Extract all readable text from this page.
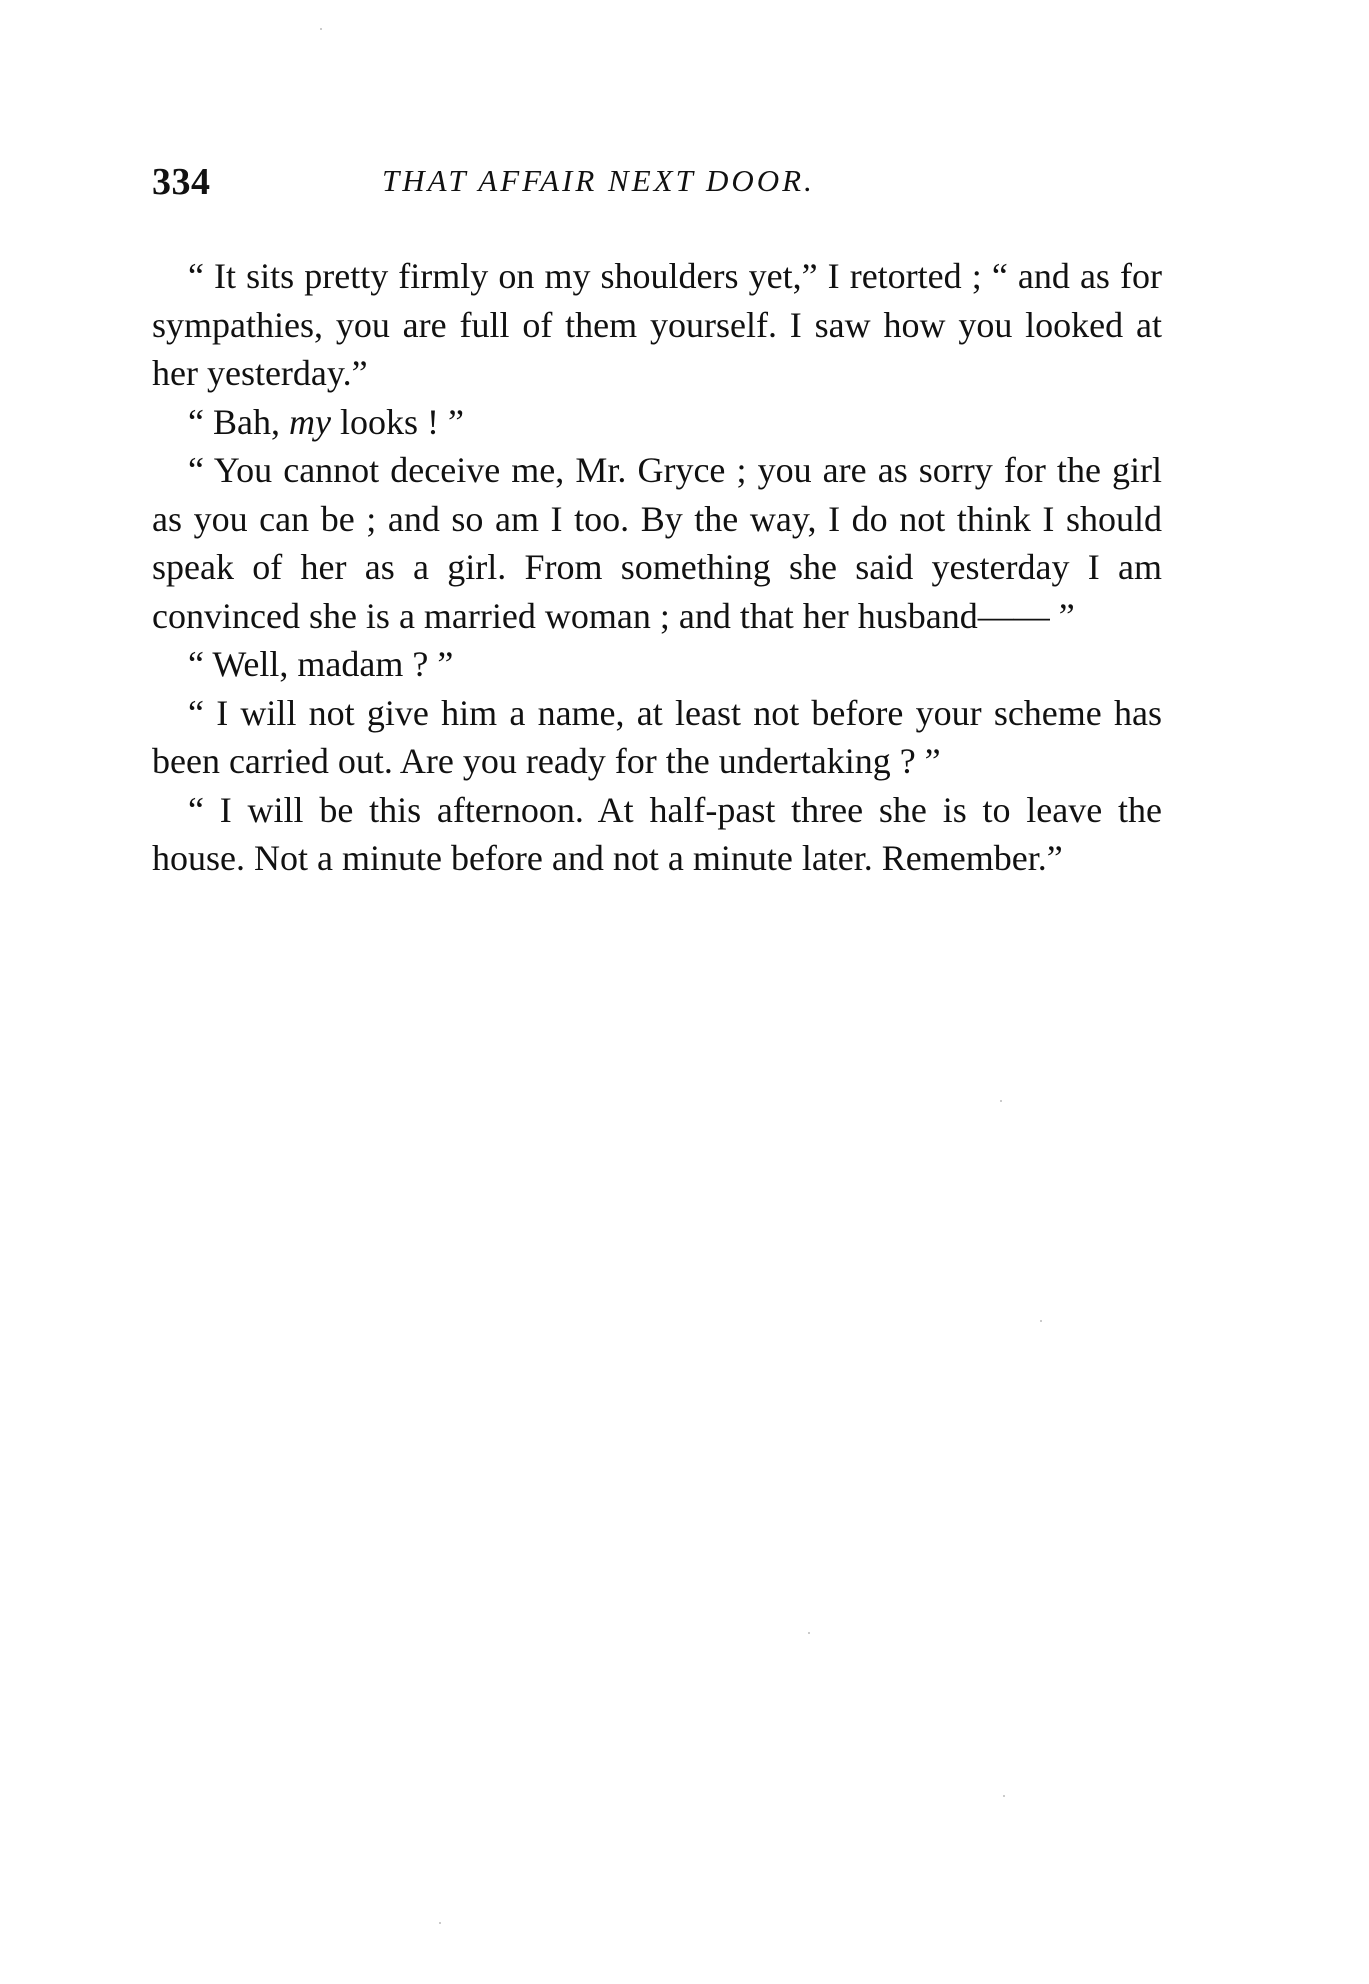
334	THAT AFFAIR NEXT DOOR.

“ It sits pretty firmly on my shoulders yet,” I retorted ; “ and as for sympathies, you are full of them yourself. I saw how you looked at her yesterday.”

“ Bah, my looks ! ”

“ You cannot deceive me, Mr. Gryce ; you are as sorry for the girl as you can be ; and so am I too. By the way, I do not think I should speak of her as a girl. From something she said yesterday I am convinced she is a married woman ; and that her husband—— ”

“ Well, madam ? ”

“ I will not give him a name, at least not before your scheme has been carried out. Are you ready for the undertaking ? ”

“ I will be this afternoon. At half-past three she is to leave the house. Not a minute before and not a minute later. Remember.”
